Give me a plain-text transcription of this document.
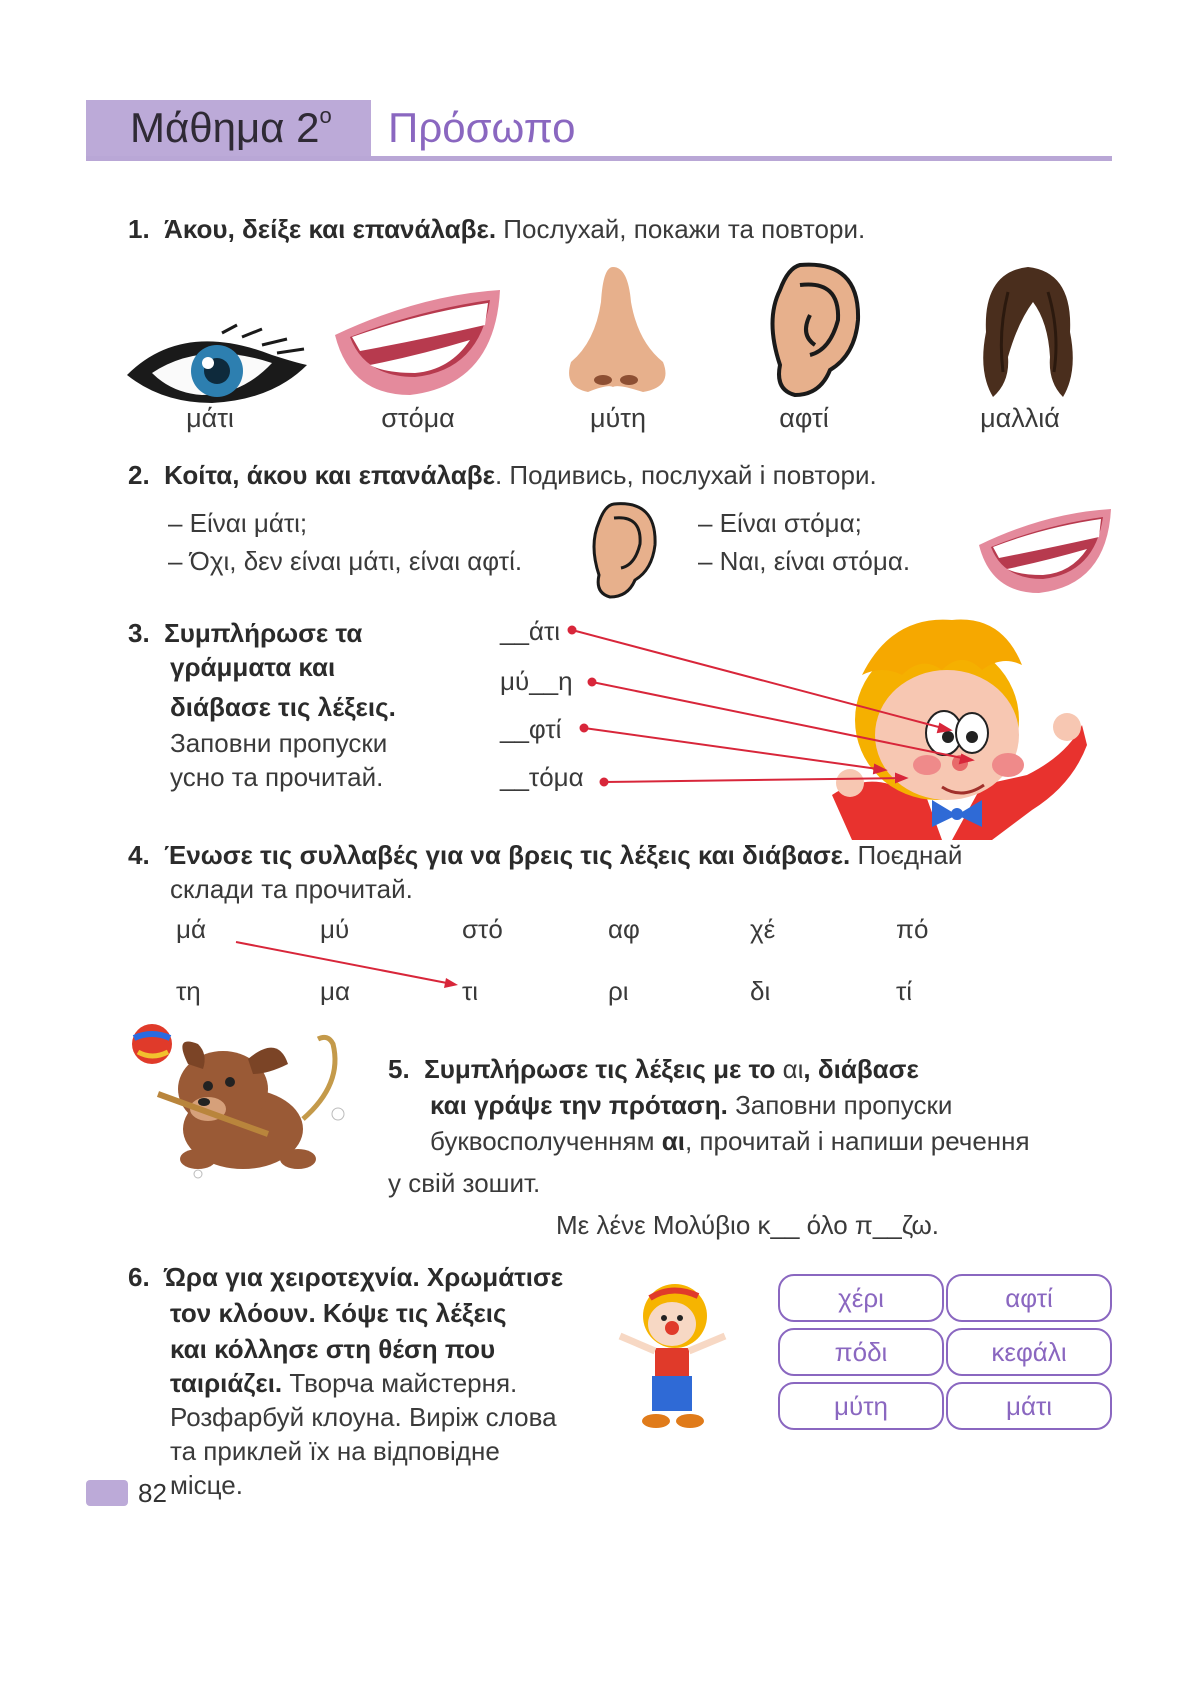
Μάθημα $2^o$ Πρόσωπο
1. Άκου, δείξε και επανάλαβε. Послухай, покажи та повтори.
μάτι	στόμα	μύτη	αφτί	μαλλιά
2. Κοίτα, άκου και επανάλαβε. Подивись, послухай і повтори.
– Είναι μάτι;
– Όχι, δεν είναι μάτι, είναι αφτί.
– Είναι στόμα;
– Ναι, είναι στόμα.
3. Συμπλήρωσε τα
γράμματα και
διάβασε τις λέξεις.
Заповни пропуски
усно та прочитай.
__άτι
μύ__η
__φτί
__τόμα
4. Ένωσε τις συλλαβές για να βρεις τις λέξεις και διάβασε. Поєднай
склади та прочитай.
μά	μύ	στό	αφ	χέ	πό
τη	μα	τι	ρι	δι	τί
5. Συμπλήρωσε τις λέξεις με το αι, διάβασε
και γράψε την πρόταση. Заповни пропуски
буквосполученням αι, прочитай і напиши речення
у свій зошит.
Με λένε Μολύβιο κ__ όλο π__ζω.
6. Ώρα για χειροτεχνία. Χρωμάτισε
τον κλόουν. Κόψε τις λέξεις
και κόλλησε στη θέση που
ταιριάζει. Творча майстерня.
Розфарбуй клоуна. Виріж слова
та приклей їх на відповідне
місце.
χέρι	αφτί
πόδι	κεφάλι
μύτη	μάτι
82
